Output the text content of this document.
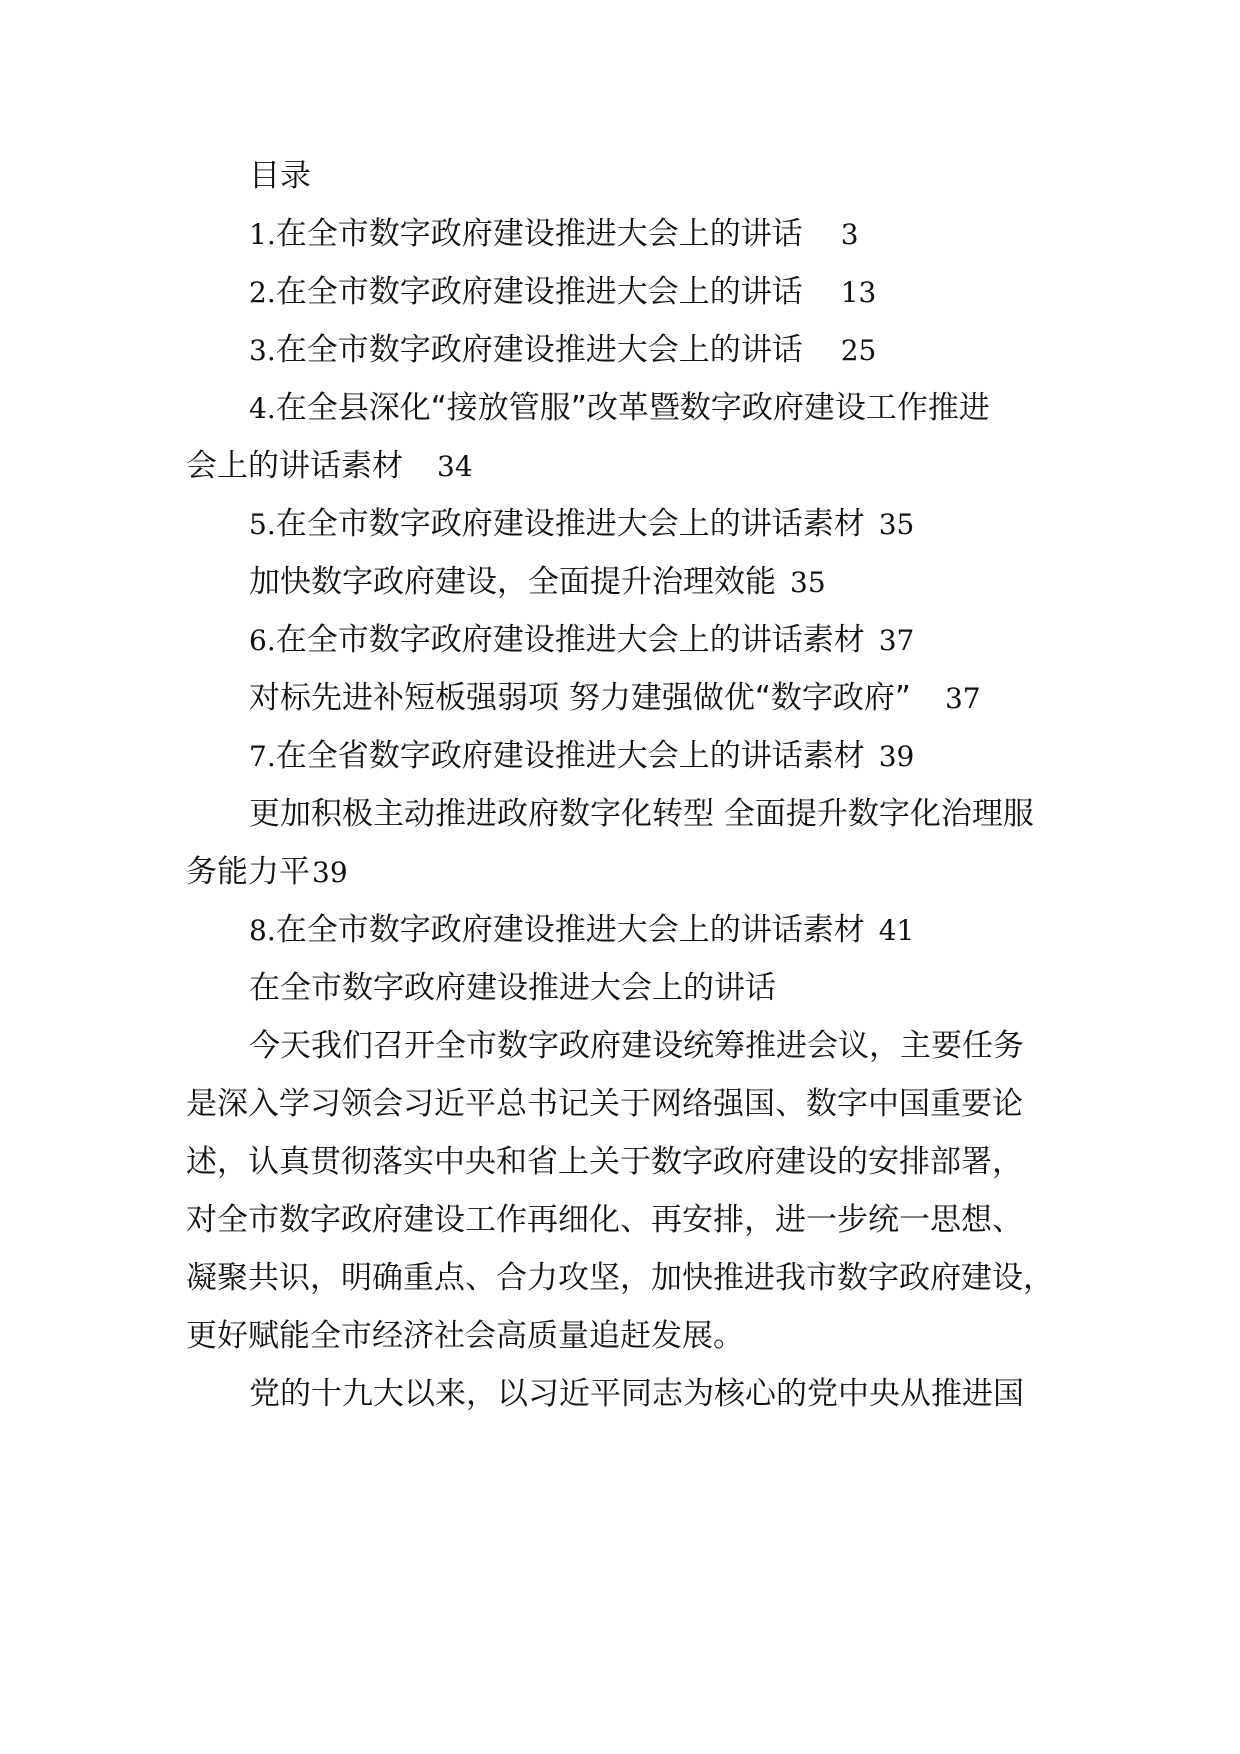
目录
1.在全市数字政府建设推进大会上的讲话 3
2.在全市数字政府建设推进大会上的讲话 13
3.在全市数字政府建设推进大会上的讲话 25
4.在全县深化“接放管服”改革暨数字政府建设工作推进
会上的讲话素材 34
5.在全市数字政府建设推进大会上的讲话素材 35
加快数字政府建设，全面提升治理效能 35
6.在全市数字政府建设推进大会上的讲话素材 37
对标先进补短板强弱项 努力建强做优“数字政府” 37
7.在全省数字政府建设推进大会上的讲话素材 39
更加积极主动推进政府数字化转型 全面提升数字化治理服
务能力平39
8.在全市数字政府建设推进大会上的讲话素材 41
在全市数字政府建设推进大会上的讲话
今天我们召开全市数字政府建设统筹推进会议，主要任务
是深入学习领会习近平总书记关于网络强国、数字中国重要论
述，认真贯彻落实中央和省上关于数字政府建设的安排部署，
对全市数字政府建设工作再细化、再安排，进一步统一思想、
凝聚共识，明确重点、合力攻坚，加快推进我市数字政府建设，
更好赋能全市经济社会高质量追赶发展。
党的十九大以来，以习近平同志为核心的党中央从推进国
